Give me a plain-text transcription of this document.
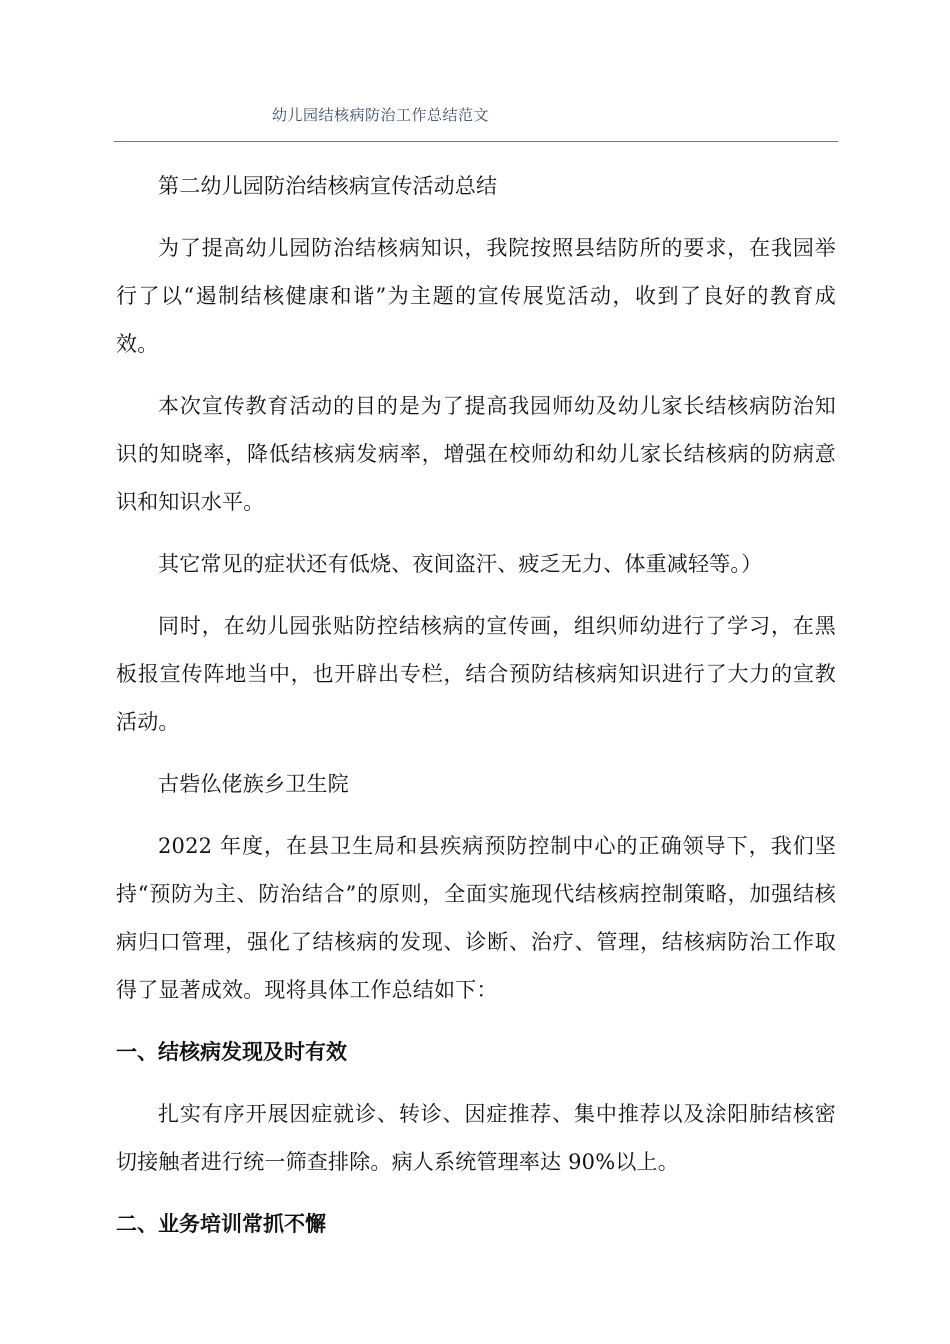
幼儿园结核病防治工作总结范文

第二幼儿园防治结核病宣传活动总结

为了提高幼儿园防治结核病知识，我院按照县结防所的要求，在我园举行了以“遏制结核健康和谐”为主题的宣传展览活动，收到了良好的教育成效。

本次宣传教育活动的目的是为了提高我园师幼及幼儿家长结核病防治知识的知晓率，降低结核病发病率，增强在校师幼和幼儿家长结核病的防病意识和知识水平。

其它常见的症状还有低烧、夜间盗汗、疲乏无力、体重减轻等。）

同时，在幼儿园张贴防控结核病的宣传画，组织师幼进行了学习，在黑板报宣传阵地当中，也开辟出专栏，结合预防结核病知识进行了大力的宣教活动。

古砦仫佬族乡卫生院

2022 年度，在县卫生局和县疾病预防控制中心的正确领导下，我们坚持“预防为主、防治结合”的原则，全面实施现代结核病控制策略，加强结核病归口管理，强化了结核病的发现、诊断、治疗、管理，结核病防治工作取得了显著成效。现将具体工作总结如下：

一、结核病发现及时有效

扎实有序开展因症就诊、转诊、因症推荐、集中推荐以及涂阳肺结核密切接触者进行统一筛查排除。病人系统管理率达 90%以上。

二、业务培训常抓不懈
